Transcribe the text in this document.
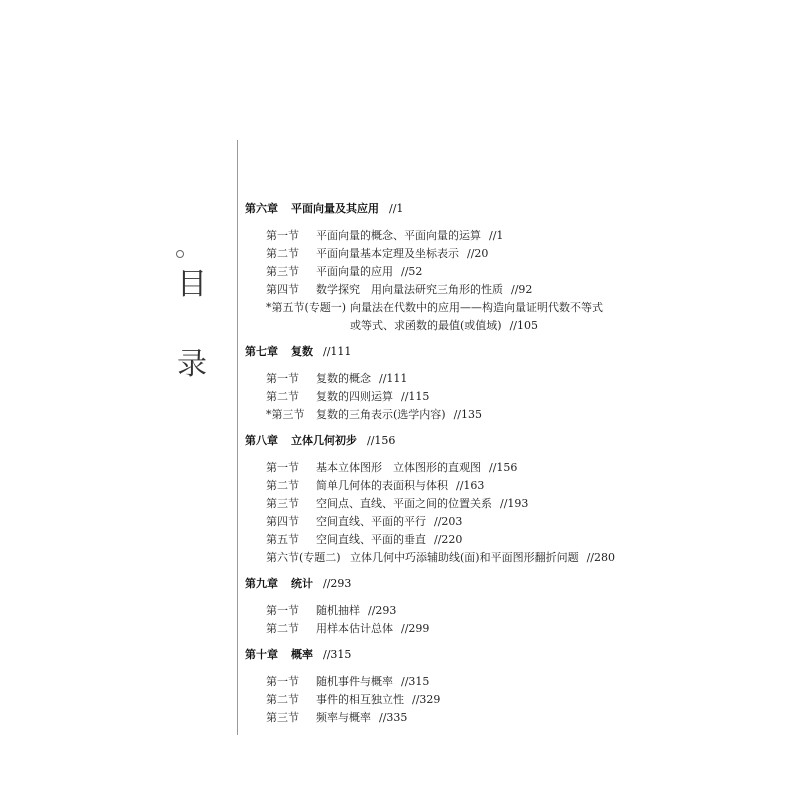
目
录
第六章 平面向量及其应用 //1
第一节 平面向量的概念、平面向量的运算 //1
第二节 平面向量基本定理及坐标表示 //20
第三节 平面向量的应用 //52
第四节 数学探究　用向量法研究三角形的性质 //92
*第五节(专题一) 向量法在代数中的应用——构造向量证明代数不等式
或等式、求函数的最值(或值域) //105
第七章 复数 //111
第一节 复数的概念 //111
第二节 复数的四则运算 //115
*第三节 复数的三角表示(选学内容) //135
第八章 立体几何初步 //156
第一节 基本立体图形　立体图形的直观图 //156
第二节 简单几何体的表面积与体积 //163
第三节 空间点、直线、平面之间的位置关系 //193
第四节 空间直线、平面的平行 //203
第五节 空间直线、平面的垂直 //220
第六节(专题二) 立体几何中巧添辅助线(面)和平面图形翻折问题 //280
第九章 统计 //293
第一节 随机抽样 //293
第二节 用样本估计总体 //299
第十章 概率 //315
第一节 随机事件与概率 //315
第二节 事件的相互独立性 //329
第三节 频率与概率 //335
